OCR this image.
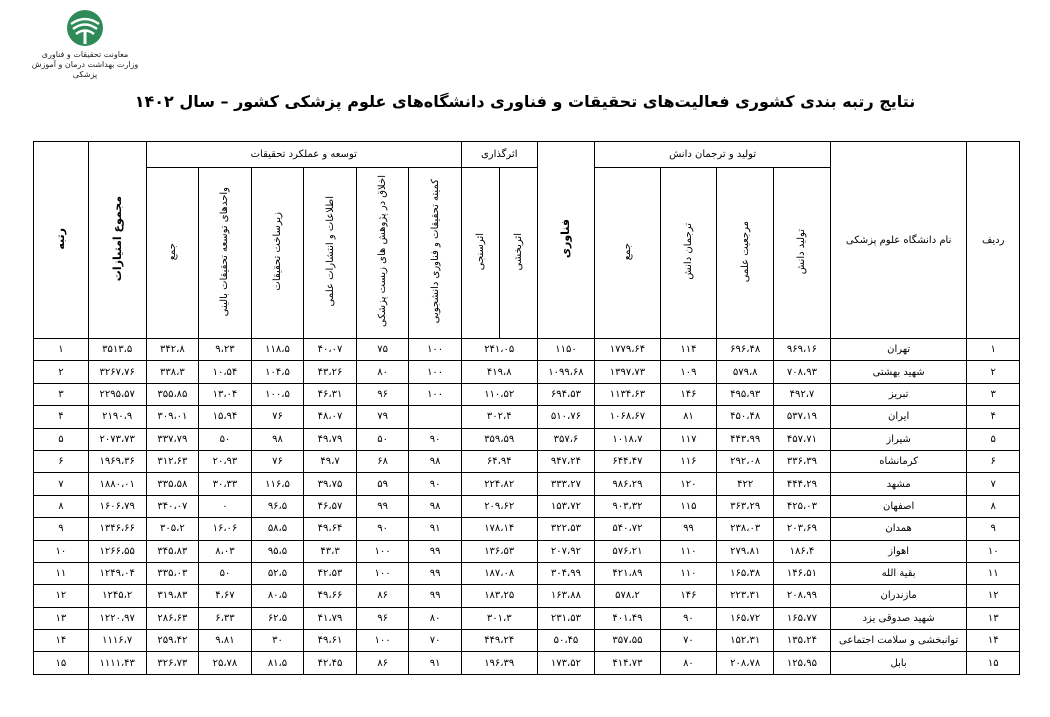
معاونت تحقیقات و فناوری
وزارت بهداشت درمان و آموزش پزشکی
نتایج رتبه بندی کشوری فعالیت‌های تحقیقات و فناوری دانشگاه‌های علوم پزشکی کشور – سال ۱۴۰۲
ردیف	نام دانشگاه علوم پزشکی	تولید و ترجمان دانش				فناوری	اثرگذاری		توسعه و عملکرد تحقیقات						مجموع امتیازات	رتبه
		تولید دانش	مرجعیت علمی	ترجمان دانش	جمع		اثربخشی	اثرسنجی	کمیته تحقیقات و فناوری دانشجویی	اخلاق در پژوهش های زیست پزشکی	اطلاعات و انتشارات علمی	زیرساخت تحقیقات	واحدهای توسعه تحقیقات بالینی	جمع		
۱	تهران	۹۶۹،۱۶	۶۹۶،۴۸	۱۱۴	۱۷۷۹،۶۴	۱۱۵۰	۲۴۱،۰۵		۱۰۰	۷۵	۴۰،۰۷	۱۱۸،۵	۹،۲۳	۳۴۲،۸	۳۵۱۳،۵	۱
۲	شهید بهشتی	۷۰۸،۹۳	۵۷۹،۸	۱۰۹	۱۳۹۷،۷۳	۱۰۹۹،۶۸	۴۱۹،۸		۱۰۰	۸۰	۴۳،۲۶	۱۰۴،۵	۱۰،۵۴	۳۳۸،۳	۳۲۶۷،۷۶	۲
۳	تبریز	۴۹۲،۷	۴۹۵،۹۳	۱۴۶	۱۱۳۴،۶۳	۶۹۴،۵۳	۱۱۰،۵۲		۱۰۰	۹۶	۴۶،۳۱	۱۰۰،۵	۱۳،۰۴	۳۵۵،۸۵	۲۲۹۵،۵۷	۳
۴	ایران	۵۳۷،۱۹	۴۵۰،۴۸	۸۱	۱۰۶۸،۶۷	۵۱۰،۷۶	۳۰۲،۴			۷۹	۴۸،۰۷	۷۶	۱۵،۹۴	۳۰۹،۰۱	۲۱۹۰،۹	۴
۵	شیراز	۴۵۷،۷۱	۴۴۳،۹۹	۱۱۷	۱۰۱۸،۷	۳۵۷،۶	۳۵۹،۵۹		۹۰	۵۰	۴۹،۷۹	۹۸	۵۰	۳۳۷،۷۹	۲۰۷۳،۷۳	۵
۶	کرمانشاه	۳۳۶،۳۹	۲۹۲،۰۸	۱۱۶	۶۴۴،۴۷	۹۴۷،۲۴	۶۴،۹۴		۹۸	۶۸	۴۹،۷	۷۶	۲۰،۹۳	۳۱۲،۶۳	۱۹۶۹،۳۶	۶
۷	مشهد	۴۴۴،۲۹	۴۲۲	۱۲۰	۹۸۶،۲۹	۳۳۳،۲۷	۲۲۴،۸۲		۹۰	۵۹	۳۹،۷۵	۱۱۶،۵	۳۰،۳۳	۳۳۵،۵۸	۱۸۸۰،۰۱	۷
۸	اصفهان	۴۲۵،۰۳	۳۶۳،۲۹	۱۱۵	۹۰۳،۳۲	۱۵۳،۷۲	۲۰۹،۶۲		۹۸	۹۹	۴۶،۵۷	۹۶،۵	۰	۳۴۰،۰۷	۱۶۰۶،۷۹	۸
۹	همدان	۲۰۳،۶۹	۲۳۸،۰۳	۹۹	۵۴۰،۷۲	۳۲۲،۵۳	۱۷۸،۱۴		۹۱	۹۰	۴۹،۶۴	۵۸،۵	۱۶،۰۶	۳۰۵،۲	۱۳۴۶،۶۶	۹
۱۰	اهواز	۱۸۶،۴	۲۷۹،۸۱	۱۱۰	۵۷۶،۲۱	۲۰۷،۹۲	۱۳۶،۵۳		۹۹	۱۰۰	۴۳،۳	۹۵،۵	۸،۰۳	۳۴۵،۸۳	۱۲۶۶،۵۵	۱۰
۱۱	بقیة الله	۱۴۶،۵۱	۱۶۵،۳۸	۱۱۰	۴۲۱،۸۹	۳۰۴،۹۹	۱۸۷،۰۸		۹۹	۱۰۰	۴۲،۵۳	۵۲،۵	۵۰	۳۳۵،۰۳	۱۲۴۹،۰۴	۱۱
۱۲	مازندران	۲۰۸،۹۹	۲۲۳،۳۱	۱۴۶	۵۷۸،۲	۱۶۳،۸۸	۱۸۳،۲۵		۹۹	۸۶	۴۹،۶۶	۸۰،۵	۴،۶۷	۳۱۹،۸۳	۱۲۴۵،۲	۱۲
۱۳	شهید صدوقی یزد	۱۶۵،۷۷	۱۶۵،۷۲	۹۰	۴۰۱،۴۹	۲۳۱،۵۳	۳۰۱،۳		۸۰	۹۶	۴۱،۷۹	۶۲،۵	۶،۳۳	۲۸۶،۶۳	۱۲۲۰،۹۷	۱۳
۱۴	توانبخشی و سلامت اجتماعی	۱۳۵،۲۴	۱۵۲،۳۱	۷۰	۳۵۷،۵۵	۵۰،۴۵	۴۴۹،۲۴		۷۰	۱۰۰	۴۹،۶۱	۳۰	۹،۸۱	۲۵۹،۴۲	۱۱۱۶،۷	۱۴
۱۵	بابل	۱۲۵،۹۵	۲۰۸،۷۸	۸۰	۴۱۴،۷۳	۱۷۳،۵۲	۱۹۶،۳۹		۹۱	۸۶	۴۲،۴۵	۸۱،۵	۲۵،۷۸	۳۲۶،۷۳	۱۱۱۱،۴۳	۱۵
